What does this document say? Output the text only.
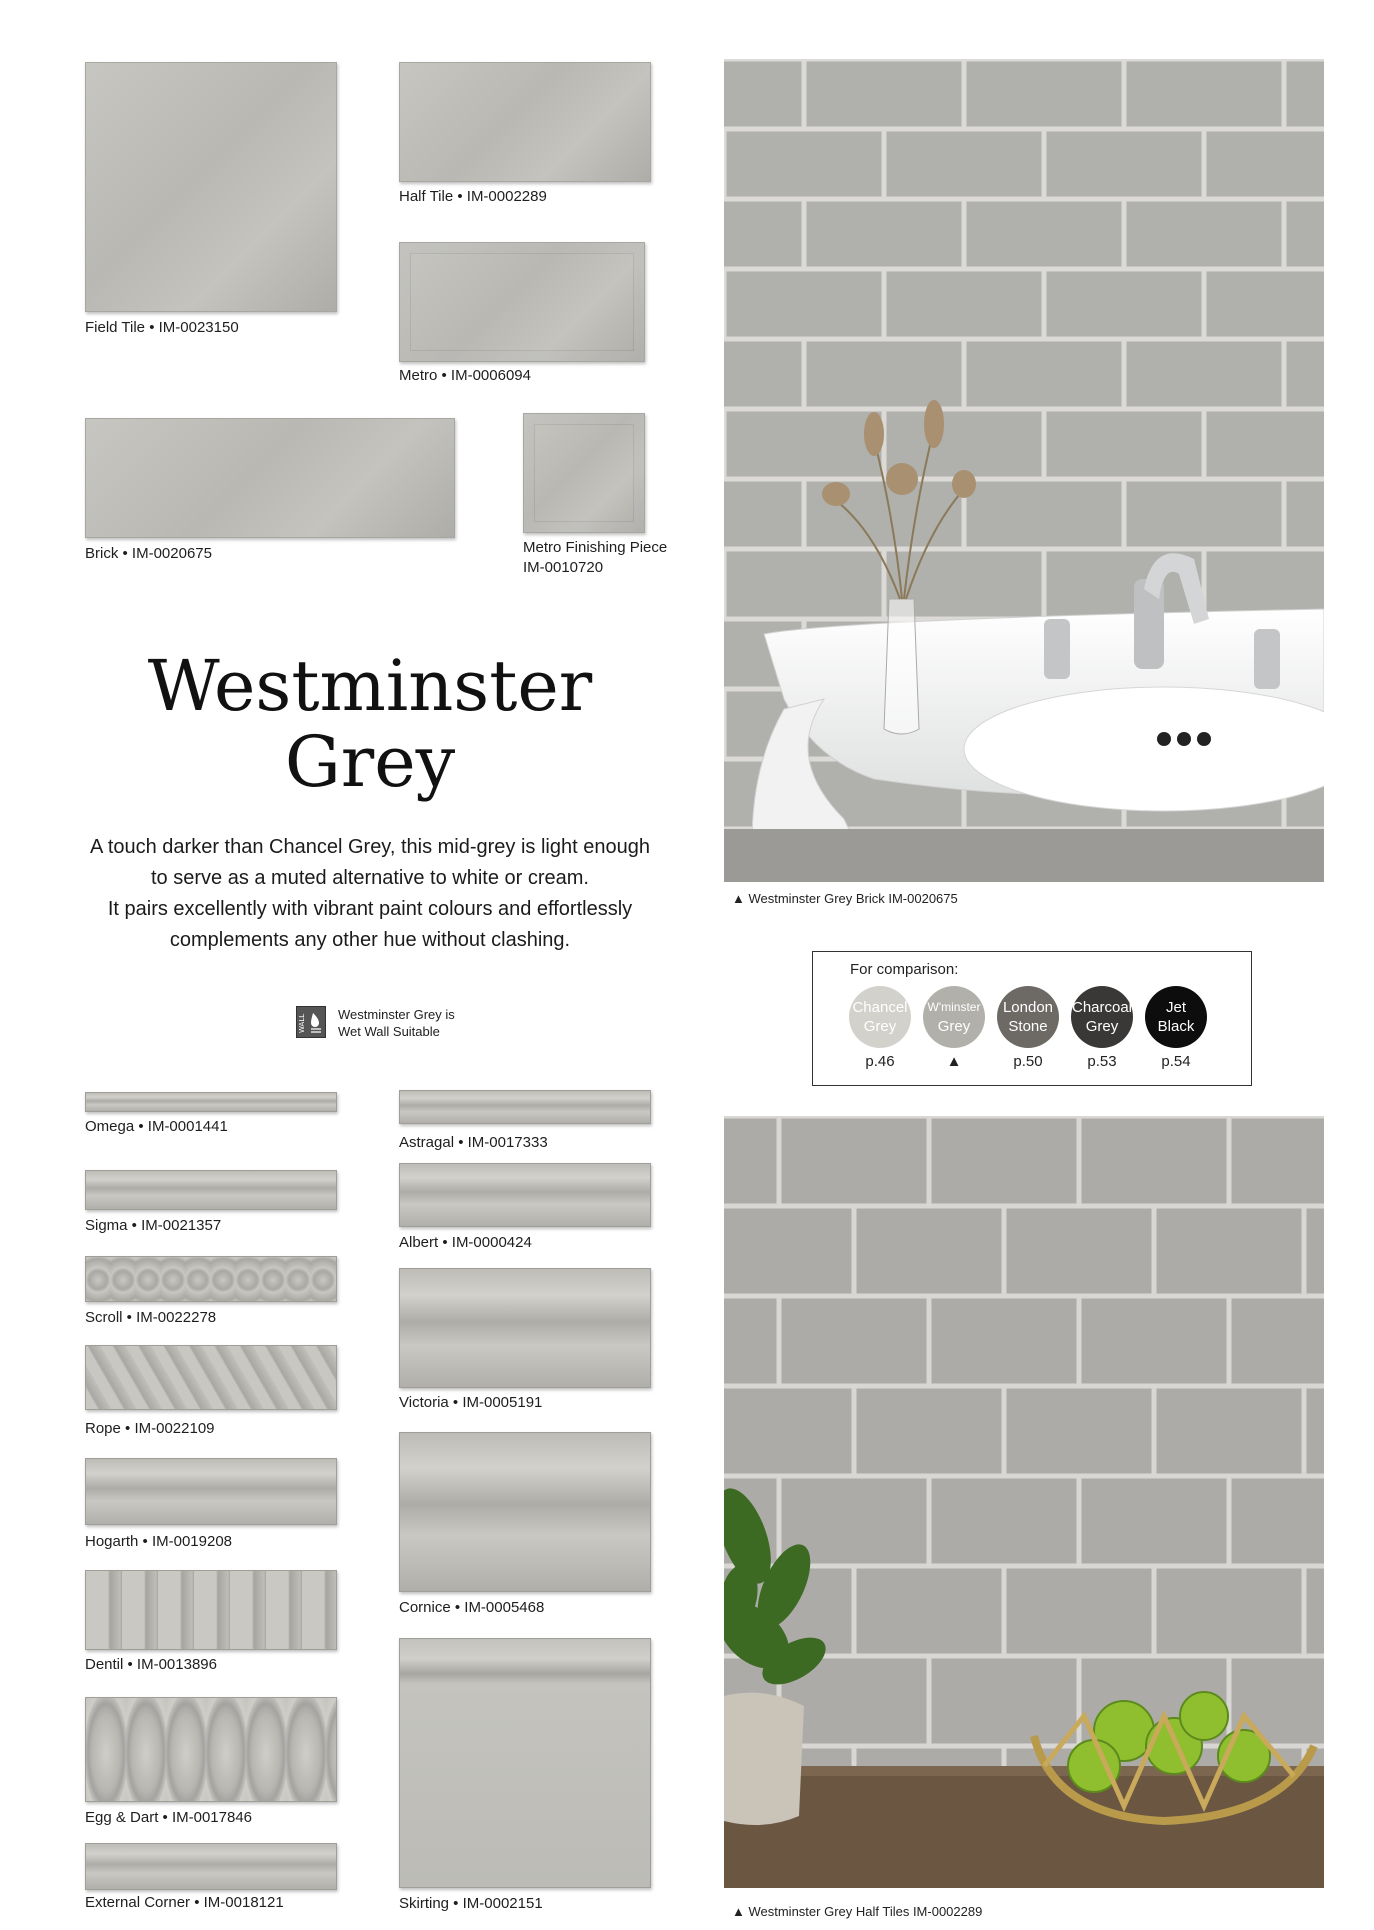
Field Tile • IM-0023150
Half Tile • IM-0002289
Metro • IM-0006094
Brick • IM-0020675	Metro Finishing Piece
IM-0010720
Westminster
Grey
A touch darker than Chancel Grey, this mid-grey is light enough
to serve as a muted alternative to white or cream.
It pairs excellently with vibrant paint colours and effortlessly
complements any other hue without clashing.
WALL Westminster Grey is
Wet Wall Suitable
Omega • IM-0001441
Sigma • IM-0021357
Scroll • IM-0022278
Rope • IM-0022109
Hogarth • IM-0019208
Dentil • IM-0013896
Egg & Dart • IM-0017846
External Corner • IM-0018121
Astragal • IM-0017333
Albert • IM-0000424
Victoria • IM-0005191
Cornice • IM-0005468
Skirting • IM-0002151
▲ Westminster Grey Brick IM-0020675
For comparison:
Chancel
Grey
p.46
W'minster
Grey
▲
London
Stone
p.50
Charcoal
Grey
p.53
Jet
Black
p.54
▲ Westminster Grey Half Tiles IM-0002289
